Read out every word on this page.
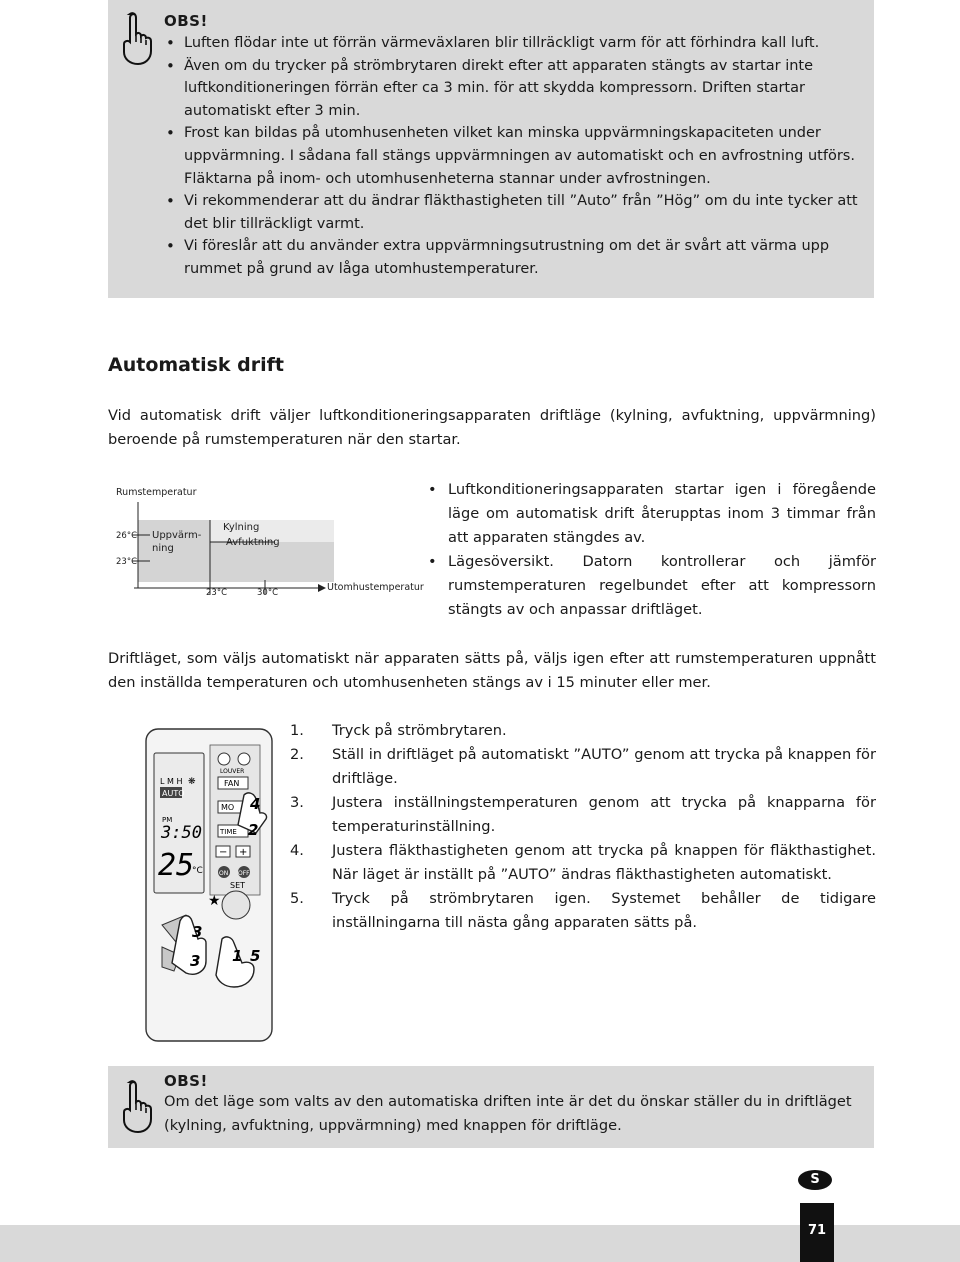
OBS!
• Luften flödar inte ut förrän värmeväxlaren blir tillräckligt varm för att förhindra kall luft.
• Även om du trycker på strömbrytaren direkt efter att apparaten stängts av startar inte luftkonditioneringen förrän efter ca 3 min. för att skydda kompressorn. Driften startar automatiskt efter 3 min.
• Frost kan bildas på utomhusenheten vilket kan minska uppvärmningskapaciteten under uppvärmning. I sådana fall stängs uppvärmningen av automatiskt och en avfrostning utförs. Fläktarna på inom- och utomhusenheterna stannar under avfrostningen.
• Vi rekommenderar att du ändrar fläkthastigheten till ”Auto” från ”Hög” om du inte tycker att det blir tillräckligt varmt.
• Vi föreslår att du använder extra uppvärmningsutrustning om det är svårt att värma upp rummet på grund av låga utomhustemperaturer.
Automatisk drift

Vid automatisk drift väljer luftkonditioneringsapparaten driftläge (kylning, avfuktning, uppvärmning) beroende på rumstemperaturen när den startar.

Rumstemperatur
Utomhustemperatur
26°C
23°C
23°C	30°C
Uppvärm-
ning
Kylning
Avfuktning
• Luftkonditioneringsapparaten startar igen i föregående läge om automatisk drift återupptas inom 3 timmar från att apparaten stängdes av.
• Lägesöversikt. Datorn kontrollerar och jämför rumstemperaturen regelbundet efter att kompressorn stängts av och anpassar driftläget.

Driftläget, som väljs automatiskt när apparaten sätts på, väljs igen efter att rumstemperaturen uppnått den inställda temperaturen och utomhusenheten stängs av i 15 minuter eller mer.

L M H ❋
AUTO
PM
3:50
25
°C
LOUVER
FAN
MO
TIME
− +
ON OFF
SET
★
4
2
3
3 1 5
1. Tryck på strömbrytaren.
2. Ställ in driftläget på automatiskt ”AUTO” genom att trycka på knappen för driftläge.
3. Justera inställningstemperaturen genom att trycka på knapparna för temperaturinställning.
4. Justera fläkthastigheten genom att trycka på knappen för fläkthastighet. När läget är inställt på ”AUTO” ändras fläkthastigheten automatiskt.
5. Tryck på strömbrytaren igen. Systemet behåller de tidigare inställningarna till nästa gång apparaten sätts på.
OBS!
Om det läge som valts av den automatiska driften inte är det du önskar ställer du in driftläget (kylning, avfuktning, uppvärmning) med knappen för driftläge.
S
71
